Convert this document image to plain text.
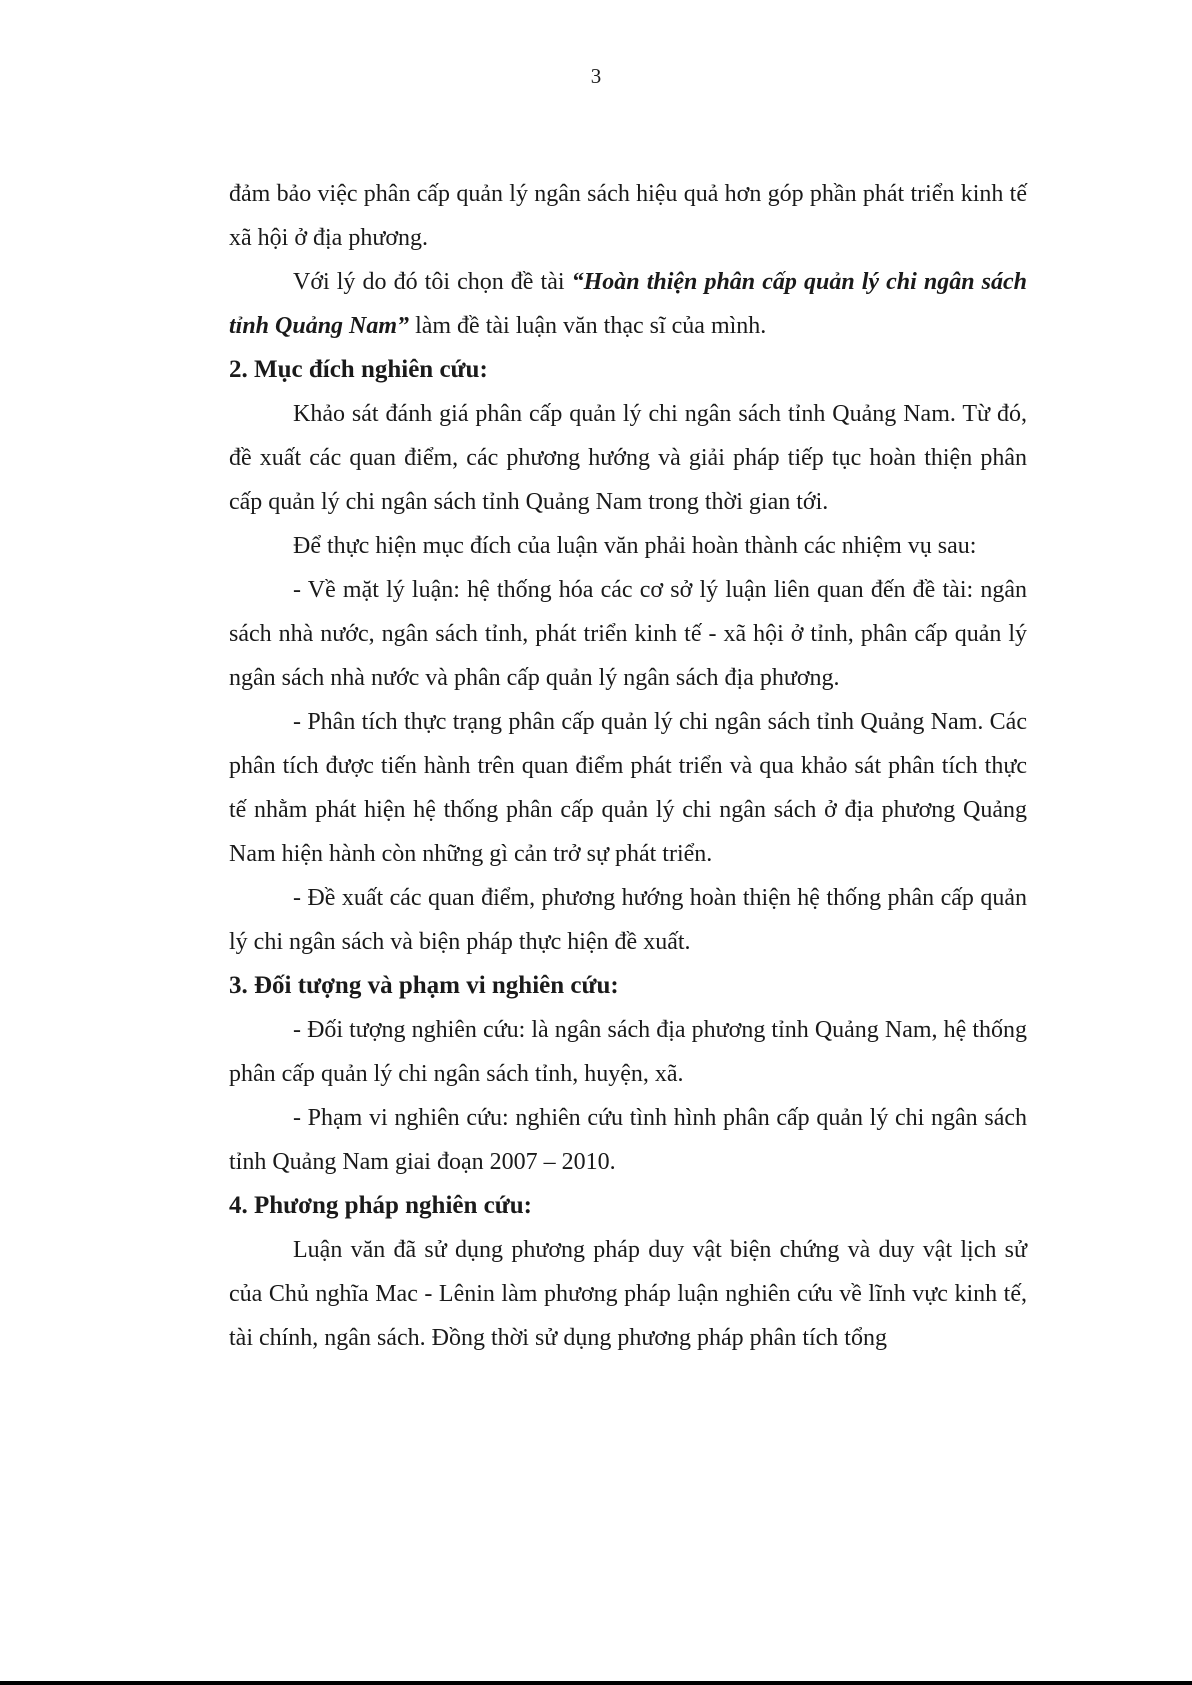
3

đảm bảo việc phân cấp quản lý ngân sách hiệu quả hơn góp phần phát triển kinh tế xã hội ở địa phương.

Với lý do đó tôi chọn đề tài “Hoàn thiện phân cấp quản lý chi ngân sách tỉnh Quảng Nam” làm đề tài luận văn thạc sĩ của mình.

2. Mục đích nghiên cứu:

Khảo sát đánh giá phân cấp quản lý chi ngân sách tỉnh Quảng Nam. Từ đó, đề xuất các quan điểm, các phương hướng và giải pháp tiếp tục hoàn thiện phân cấp quản lý chi ngân sách tỉnh Quảng Nam trong thời gian tới.

Để thực hiện mục đích của luận văn phải hoàn thành các nhiệm vụ sau:

- Về mặt lý luận: hệ thống hóa các cơ sở lý luận liên quan đến đề tài: ngân sách nhà nước, ngân sách tỉnh, phát triển kinh tế - xã hội ở tỉnh, phân cấp quản lý ngân sách nhà nước và phân cấp quản lý ngân sách địa phương.

- Phân tích thực trạng phân cấp quản lý chi ngân sách tỉnh Quảng Nam. Các phân tích được tiến hành trên quan điểm phát triển và qua khảo sát phân tích thực tế nhằm phát hiện hệ thống phân cấp quản lý chi ngân sách ở địa phương Quảng Nam hiện hành còn những gì cản trở sự phát triển.

- Đề xuất các quan điểm, phương hướng hoàn thiện hệ thống phân cấp quản lý chi ngân sách và biện pháp thực hiện đề xuất.

3. Đối tượng và phạm vi nghiên cứu:

- Đối tượng nghiên cứu: là ngân sách địa phương tỉnh Quảng Nam, hệ thống phân cấp quản lý chi ngân sách tỉnh, huyện, xã.

- Phạm vi nghiên cứu: nghiên cứu tình hình phân cấp quản lý chi ngân sách tỉnh Quảng Nam giai đoạn 2007 – 2010.

4. Phương pháp nghiên cứu:

Luận văn đã sử dụng phương pháp duy vật biện chứng và duy vật lịch sử của Chủ nghĩa Mac - Lênin làm phương pháp luận nghiên cứu về lĩnh vực kinh tế, tài chính, ngân sách. Đồng thời sử dụng phương pháp phân tích tổng
